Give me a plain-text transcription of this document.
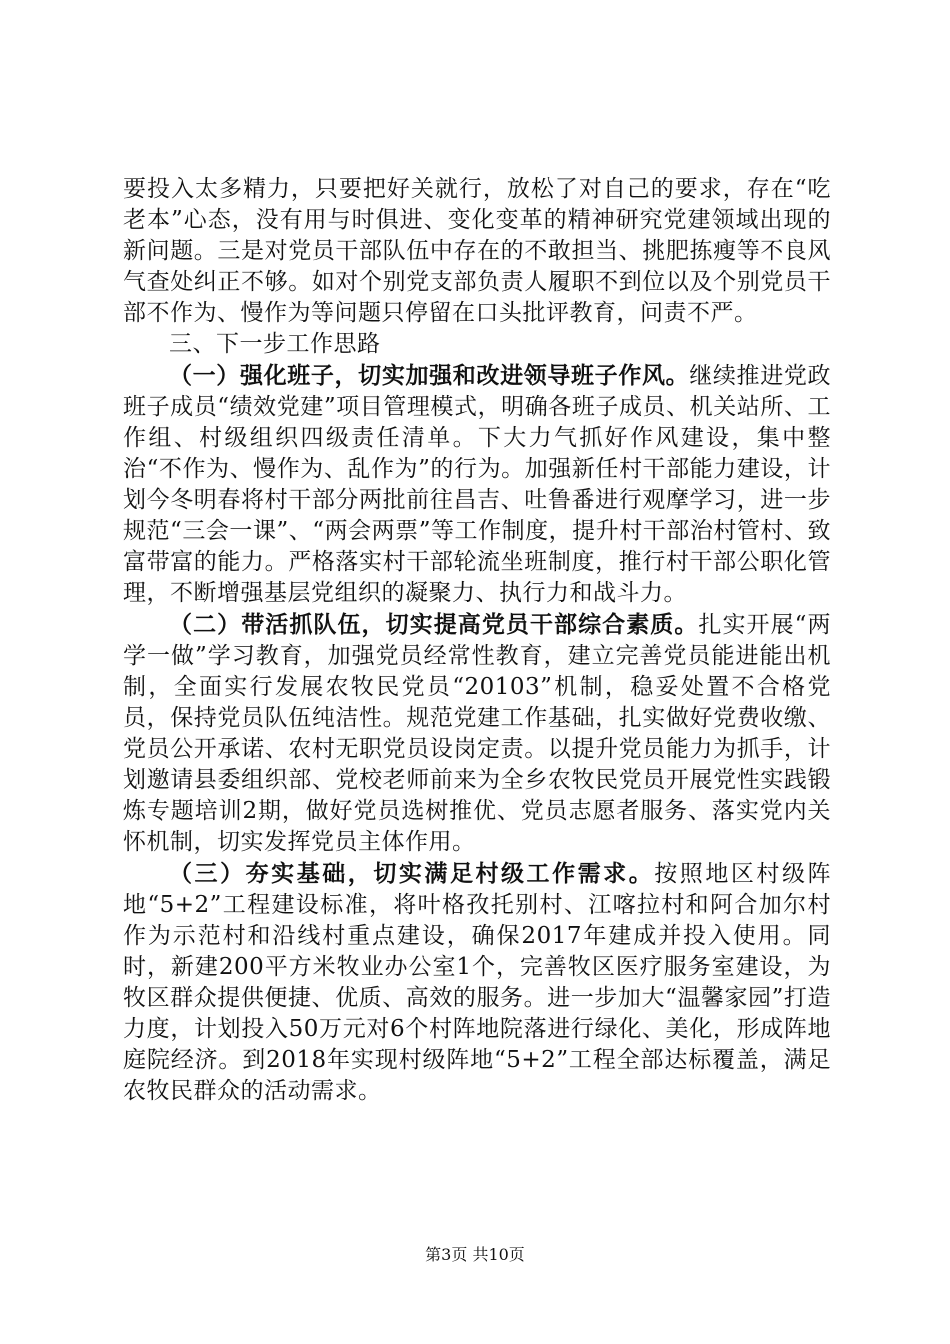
要投入太多精力，只要把好关就行，放松了对自己的要求，存在“吃老本”心态，没有用与时俱进、变化变革的精神研究党建领域出现的新问题。三是对党员干部队伍中存在的不敢担当、挑肥拣瘦等不良风气查处纠正不够。如对个别党支部负责人履职不到位以及个别党员干部不作为、慢作为等问题只停留在口头批评教育，问责不严。

三、下一步工作思路

（一）强化班子，切实加强和改进领导班子作风。继续推进党政班子成员“绩效党建”项目管理模式，明确各班子成员、机关站所、工作组、村级组织四级责任清单。下大力气抓好作风建设，集中整治“不作为、慢作为、乱作为”的行为。加强新任村干部能力建设，计划今冬明春将村干部分两批前往昌吉、吐鲁番进行观摩学习，进一步规范“三会一课”、“两会两票”等工作制度，提升村干部治村管村、致富带富的能力。严格落实村干部轮流坐班制度，推行村干部公职化管理，不断增强基层党组织的凝聚力、执行力和战斗力。

（二）带活抓队伍，切实提高党员干部综合素质。扎实开展“两学一做”学习教育，加强党员经常性教育，建立完善党员能进能出机制，全面实行发展农牧民党员“20103”机制，稳妥处置不合格党员，保持党员队伍纯洁性。规范党建工作基础，扎实做好党费收缴、党员公开承诺、农村无职党员设岗定责。以提升党员能力为抓手，计划邀请县委组织部、党校老师前来为全乡农牧民党员开展党性实践锻炼专题培训2期，做好党员选树推优、党员志愿者服务、落实党内关怀机制，切实发挥党员主体作用。

（三）夯实基础，切实满足村级工作需求。按照地区村级阵地“5+2”工程建设标准，将叶格孜托别村、江喀拉村和阿合加尔村作为示范村和沿线村重点建设，确保2017年建成并投入使用。同时，新建200平方米牧业办公室1个，完善牧区医疗服务室建设，为牧区群众提供便捷、优质、高效的服务。进一步加大“温馨家园”打造力度，计划投入50万元对6个村阵地院落进行绿化、美化，形成阵地庭院经济。到2018年实现村级阵地“5+2”工程全部达标覆盖，满足农牧民群众的活动需求。

第3页 共10页
